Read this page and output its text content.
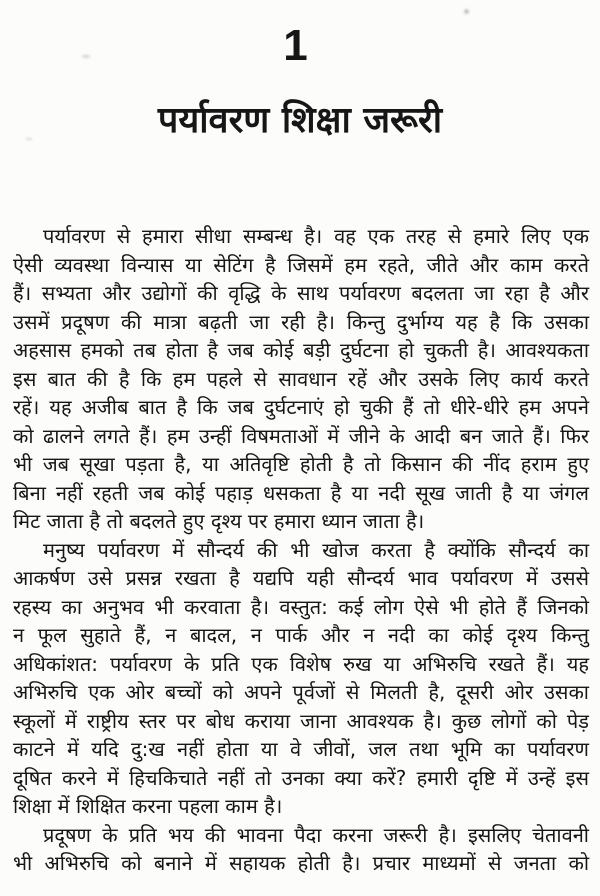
1
पर्यावरण शिक्षा जरूरी
पर्यावरण से हमारा सीधा सम्बन्ध है। वह एक तरह से हमारे लिए एक
ऐसी व्यवस्था विन्यास या सेटिंग है जिसमें हम रहते, जीते और काम करते
हैं। सभ्यता और उद्योगों की वृद्धि के साथ पर्यावरण बदलता जा रहा है और
उसमें प्रदूषण की मात्रा बढ़ती जा रही है। किन्तु दुर्भाग्य यह है कि उसका
अहसास हमको तब होता है जब कोई बड़ी दुर्घटना हो चुकती है। आवश्यकता
इस बात की है कि हम पहले से सावधान रहें और उसके लिए कार्य करते
रहें। यह अजीब बात है कि जब दुर्घटनाएं हो चुकी हैं तो धीरे-धीरे हम अपने
को ढालने लगते हैं। हम उन्हीं विषमताओं में जीने के आदी बन जाते हैं। फिर
भी जब सूखा पड़ता है, या अतिवृष्टि होती है तो किसान की नींद हराम हुए
बिना नहीं रहती जब कोई पहाड़ धसकता है या नदी सूख जाती है या जंगल
मिट जाता है तो बदलते हुए दृश्य पर हमारा ध्यान जाता है।
मनुष्य पर्यावरण में सौन्दर्य की भी खोज करता है क्योंकि सौन्दर्य का
आकर्षण उसे प्रसन्न रखता है यद्यपि यही सौन्दर्य भाव पर्यावरण में उससे
रहस्य का अनुभव भी करवाता है। वस्तुत: कई लोग ऐसे भी होते हैं जिनको
न फूल सुहाते हैं, न बादल, न पार्क और न नदी का कोई दृश्य किन्तु
अधिकांशत: पर्यावरण के प्रति एक विशेष रुख या अभिरुचि रखते हैं। यह
अभिरुचि एक ओर बच्चों को अपने पूर्वजों से मिलती है, दूसरी ओर उसका
स्कूलों में राष्ट्रीय स्तर पर बोध कराया जाना आवश्यक है। कुछ लोगों को पेड़
काटने में यदि दु:ख नहीं होता या वे जीवों, जल तथा भूमि का पर्यावरण
दूषित करने में हिचकिचाते नहीं तो उनका क्या करें? हमारी दृष्टि में उन्हें इस
शिक्षा में शिक्षित करना पहला काम है।
प्रदूषण के प्रति भय की भावना पैदा करना जरूरी है। इसलिए चेतावनी
भी अभिरुचि को बनाने में सहायक होती है। प्रचार माध्यमों से जनता को
